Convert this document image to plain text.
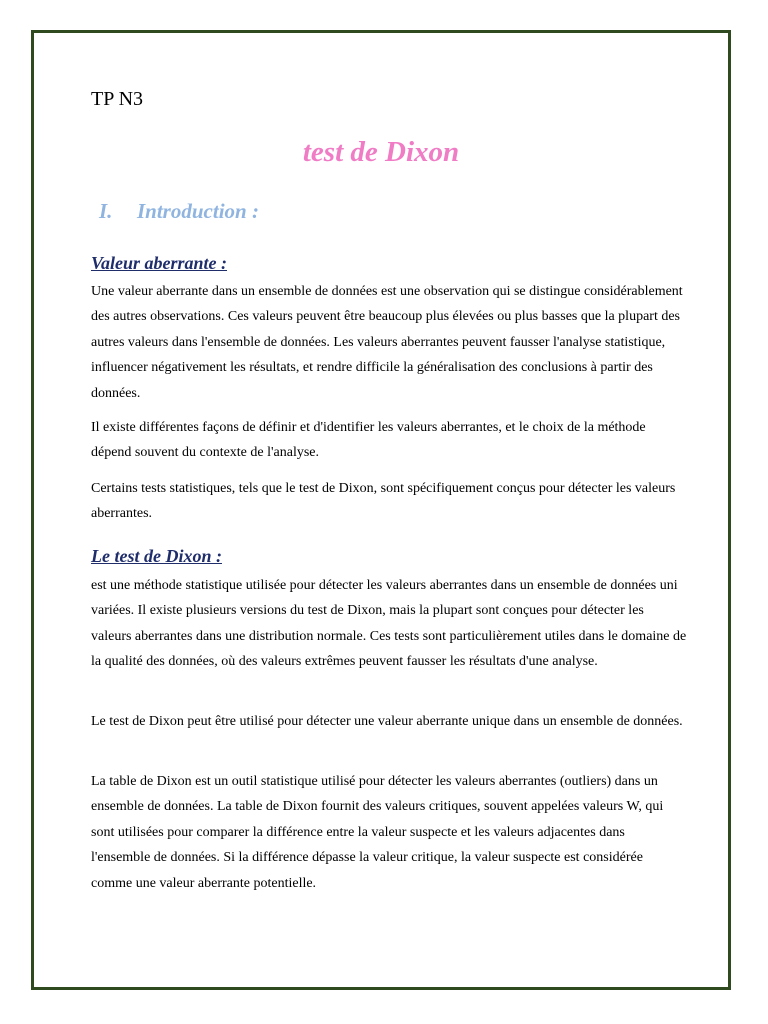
TP N3

test de Dixon
I. Introduction :
Valeur aberrante :

Une valeur aberrante dans un ensemble de données est une observation qui se distingue considérablement des autres observations. Ces valeurs peuvent être beaucoup plus élevées ou plus basses que la plupart des autres valeurs dans l'ensemble de données. Les valeurs aberrantes peuvent fausser l'analyse statistique, influencer négativement les résultats, et rendre difficile la généralisation des conclusions à partir des données.

Il existe différentes façons de définir et d'identifier les valeurs aberrantes, et le choix de la méthode dépend souvent du contexte de l'analyse.

Certains tests statistiques, tels que le test de Dixon, sont spécifiquement conçus pour détecter les valeurs aberrantes.

Le test de Dixon :

est une méthode statistique utilisée pour détecter les valeurs aberrantes dans un ensemble de données uni variées. Il existe plusieurs versions du test de Dixon, mais la plupart sont conçues pour détecter les valeurs aberrantes dans une distribution normale. Ces tests sont particulièrement utiles dans le domaine de la qualité des données, où des valeurs extrêmes peuvent fausser les résultats d'une analyse.

Le test de Dixon peut être utilisé pour détecter une valeur aberrante unique dans un ensemble de données.

La table de Dixon est un outil statistique utilisé pour détecter les valeurs aberrantes (outliers) dans un ensemble de données. La table de Dixon fournit des valeurs critiques, souvent appelées valeurs W, qui sont utilisées pour comparer la différence entre la valeur suspecte et les valeurs adjacentes dans l'ensemble de données. Si la différence dépasse la valeur critique, la valeur suspecte est considérée comme une valeur aberrante potentielle.
